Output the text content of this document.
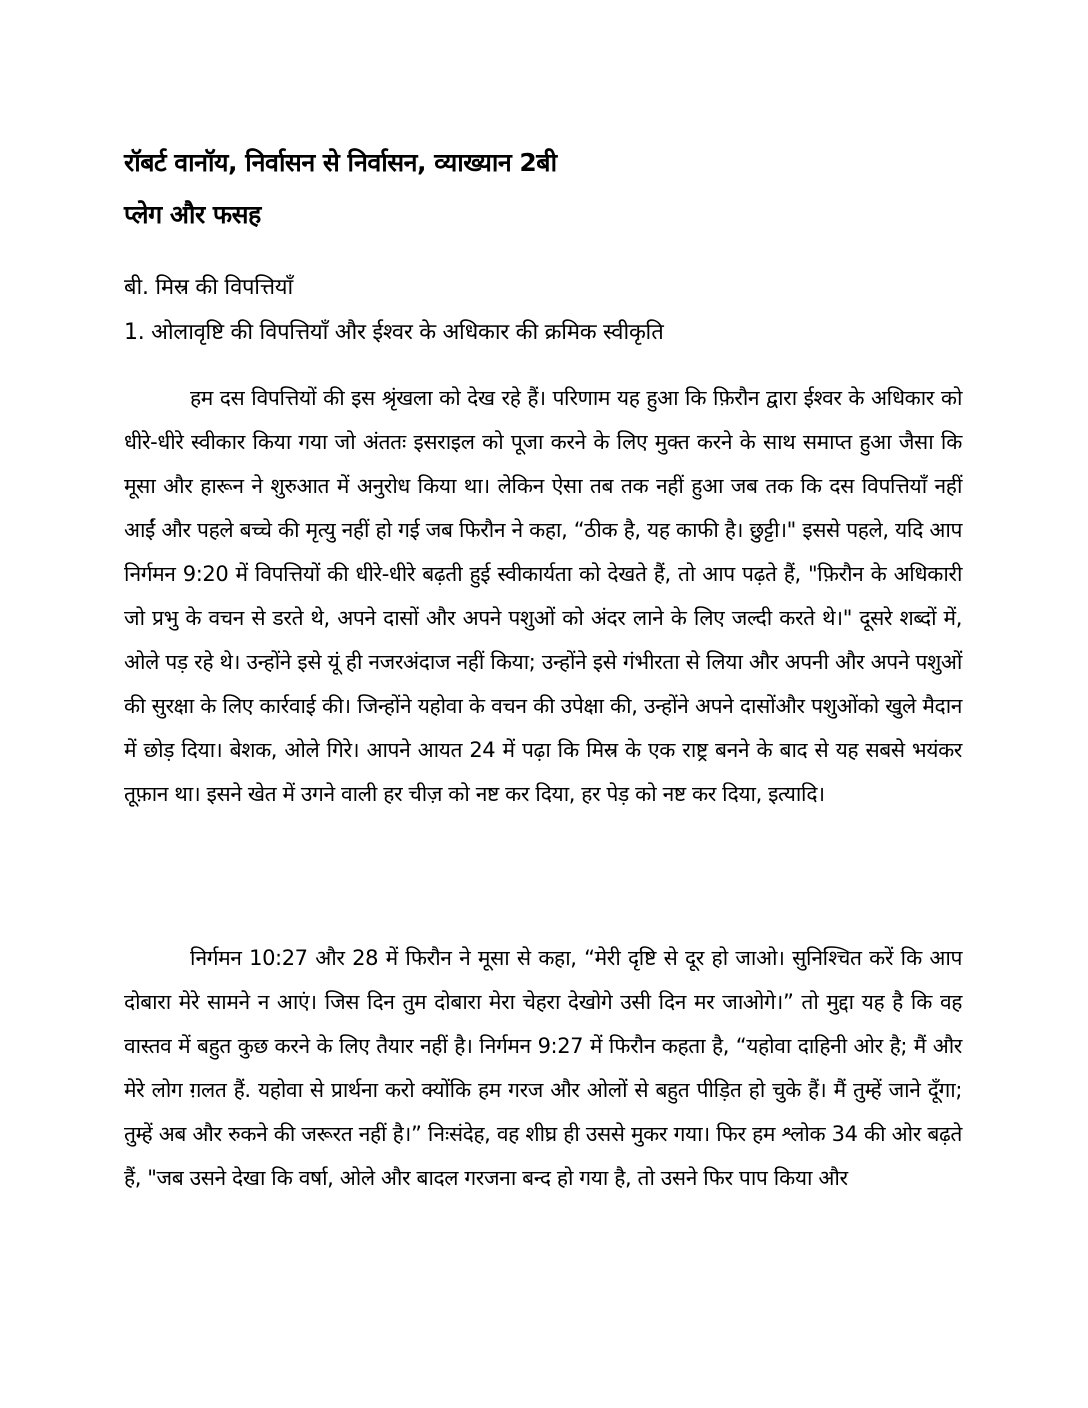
रॉबर्ट वानॉय, निर्वासन से निर्वासन, व्याख्यान 2बी
प्लेग और फसह
बी. मिस्र की विपत्तियाँ
1. ओलावृष्टि की विपत्तियाँ और ईश्वर के अधिकार की क्रमिक स्वीकृति

हम दस विपत्तियों की इस श्रृंखला को देख रहे हैं। परिणाम यह हुआ कि फ़िरौन द्वारा ईश्वर के अधिकार को धीरे-धीरे स्वीकार किया गया जो अंततः इसराइल को पूजा करने के लिए मुक्त करने के साथ समाप्त हुआ जैसा कि मूसा और हारून ने शुरुआत में अनुरोध किया था। लेकिन ऐसा तब तक नहीं हुआ जब तक कि दस विपत्तियाँ नहीं आईं और पहले बच्चे की मृत्यु नहीं हो गई जब फिरौन ने कहा, “ठीक है, यह काफी है। छुट्टी।" इससे पहले, यदि आप निर्गमन 9:20 में विपत्तियों की धीरे-धीरे बढ़ती हुई स्वीकार्यता को देखते हैं, तो आप पढ़ते हैं, "फ़िरौन के अधिकारी जो प्रभु के वचन से डरते थे, अपने दासों और अपने पशुओं को अंदर लाने के लिए जल्दी करते थे।" दूसरे शब्दों में, ओले पड़ रहे थे। उन्होंने इसे यूं ही नजरअंदाज नहीं किया; उन्होंने इसे गंभीरता से लिया और अपनी और अपने पशुओं की सुरक्षा के लिए कार्रवाई की। जिन्होंने यहोवा के वचन की उपेक्षा की, उन्होंने अपने दासोंऔर पशुओंको खुले मैदान में छोड़ दिया। बेशक, ओले गिरे। आपने आयत 24 में पढ़ा कि मिस्र के एक राष्ट्र बनने के बाद से यह सबसे भयंकर तूफ़ान था। इसने खेत में उगने वाली हर चीज़ को नष्ट कर दिया, हर पेड़ को नष्ट कर दिया, इत्यादि।

निर्गमन 10:27 और 28 में फिरौन ने मूसा से कहा, “मेरी दृष्टि से दूर हो जाओ। सुनिश्चित करें कि आप दोबारा मेरे सामने न आएं। जिस दिन तुम दोबारा मेरा चेहरा देखोगे उसी दिन मर जाओगे।” तो मुद्दा यह है कि वह वास्तव में बहुत कुछ करने के लिए तैयार नहीं है। निर्गमन 9:27 में फिरौन कहता है, “यहोवा दाहिनी ओर है; मैं और मेरे लोग ग़लत हैं. यहोवा से प्रार्थना करो क्योंकि हम गरज और ओलों से बहुत पीड़ित हो चुके हैं। मैं तुम्हें जाने दूँगा; तुम्हें अब और रुकने की जरूरत नहीं है।” निःसंदेह, वह शीघ्र ही उससे मुकर गया। फिर हम श्लोक 34 की ओर बढ़ते हैं, "जब उसने देखा कि वर्षा, ओले और बादल गरजना बन्द हो गया है, तो उसने फिर पाप किया और
